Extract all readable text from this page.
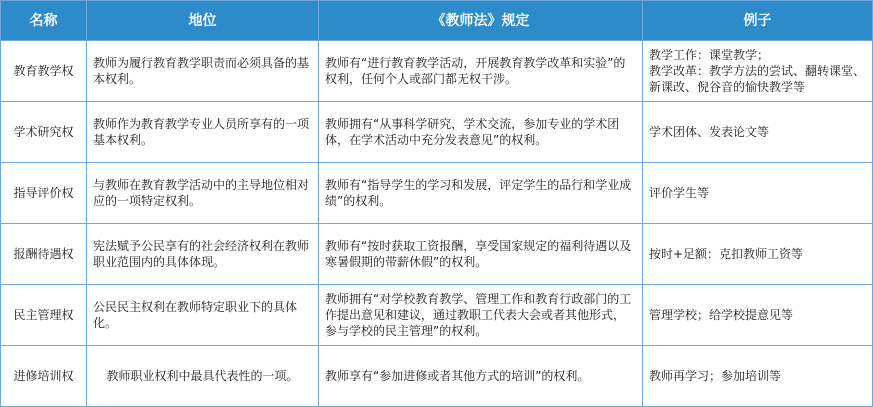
名称	地位	《教师法》规定	例子
教育教学权	教师为履行教育教学职责而必须具备的基本权利。	教师有“进行教育教学活动，开展教育教学改革和实验”的权利，任何个人或部门都无权干涉。	教学工作：课堂教学；
教学改革：教学方法的尝试、翻转课堂、新课改、倪谷音的愉快教学等
学术研究权	教师作为教育教学专业人员所享有的一项基本权利。	教师拥有“从事科学研究，学术交流，参加专业的学术团体，在学术活动中充分发表意见”的权利。	学术团体、发表论文等
指导评价权	与教师在教育教学活动中的主导地位相对应的一项特定权利。	教师有“指导学生的学习和发展，评定学生的品行和学业成绩”的权利。	评价学生等
报酬待遇权	宪法赋予公民享有的社会经济权利在教师职业范围内的具体体现。	教师有“按时获取工资报酬，享受国家规定的福利待遇以及寒暑假期的带薪休假”的权利。	按时+足额：克扣教师工资等
民主管理权	公民民主权利在教师特定职业下的具体化。	教师拥有“对学校教育教学、管理工作和教育行政部门的工作提出意见和建议，通过教职工代表大会或者其他形式，参与学校的民主管理”的权利。	管理学校；给学校提意见等
进修培训权	教师职业权利中最具代表性的一项。	教师享有“参加进修或者其他方式的培训”的权利。	教师再学习；参加培训等
